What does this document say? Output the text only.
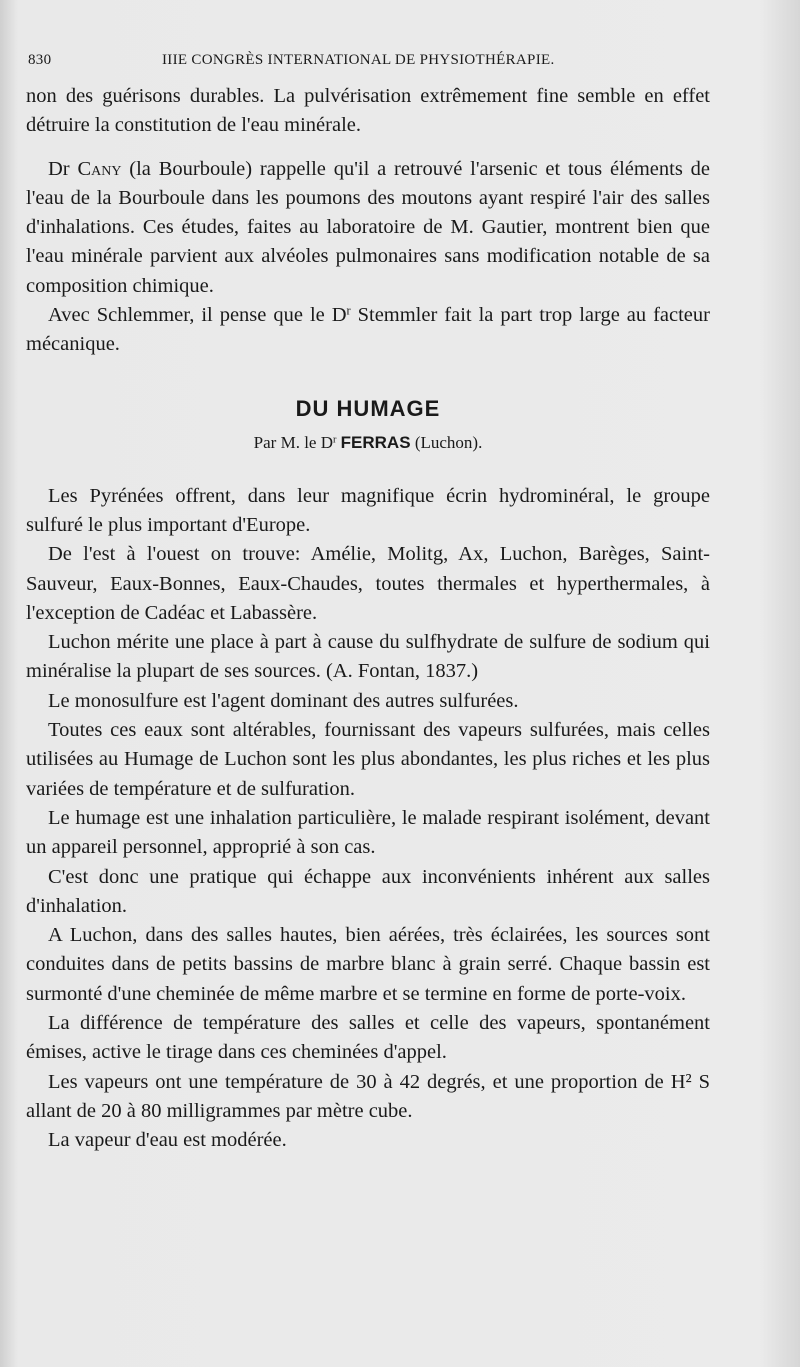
830	IIIE CONGRÈS INTERNATIONAL DE PHYSIOTHÉRAPIE.

non des guérisons durables. La pulvérisation extrêmement fine semble en effet détruire la constitution de l'eau minérale.

Dr Cany (la Bourboule) rappelle qu'il a retrouvé l'arsenic et tous éléments de l'eau de la Bourboule dans les poumons des moutons ayant respiré l'air des salles d'inhalations. Ces études, faites au laboratoire de M. Gautier, montrent bien que l'eau minérale parvient aux alvéoles pulmonaires sans modification notable de sa composition chimique.

Avec Schlemmer, il pense que le $D^r$ Stemmler fait la part trop large au facteur mécanique.

DU HUMAGE
Par M. le $D^r$ FERRAS (Luchon).

Les Pyrénées offrent, dans leur magnifique écrin hydrominéral, le groupe sulfuré le plus important d'Europe.

De l'est à l'ouest on trouve: Amélie, Molitg, Ax, Luchon, Barèges, Saint-Sauveur, Eaux-Bonnes, Eaux-Chaudes, toutes thermales et hyperthermales, à l'exception de Cadéac et Labassère.

Luchon mérite une place à part à cause du sulfhydrate de sulfure de sodium qui minéralise la plupart de ses sources. (A. Fontan, 1837.)

Le monosulfure est l'agent dominant des autres sulfurées.

Toutes ces eaux sont altérables, fournissant des vapeurs sulfurées, mais celles utilisées au Humage de Luchon sont les plus abondantes, les plus riches et les plus variées de température et de sulfuration.

Le humage est une inhalation particulière, le malade respirant isolément, devant un appareil personnel, approprié à son cas.

C'est donc une pratique qui échappe aux inconvénients inhérent aux salles d'inhalation.

A Luchon, dans des salles hautes, bien aérées, très éclairées, les sources sont conduites dans de petits bassins de marbre blanc à grain serré. Chaque bassin est surmonté d'une cheminée de même marbre et se termine en forme de porte-voix.

La différence de température des salles et celle des vapeurs, spontanément émises, active le tirage dans ces cheminées d'appel.

Les vapeurs ont une température de 30 à 42 degrés, et une proportion de H² S allant de 20 à 80 milligrammes par mètre cube.

La vapeur d'eau est modérée.
